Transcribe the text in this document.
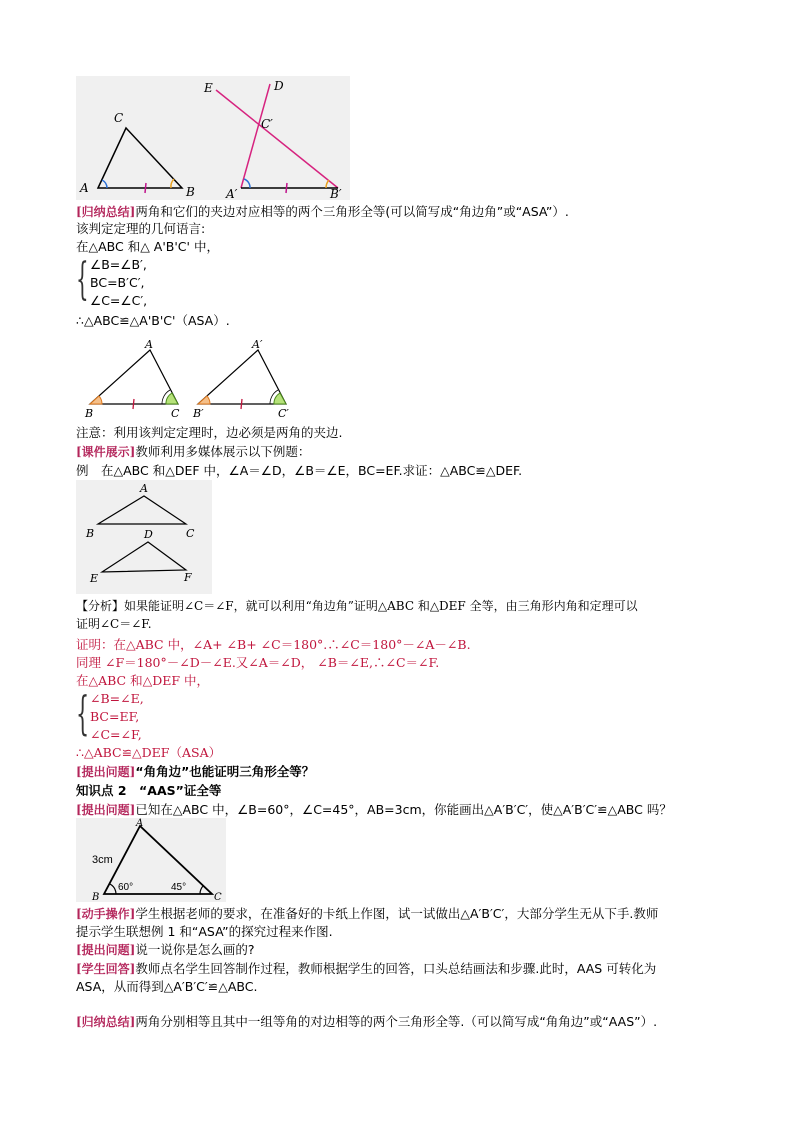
C
A	B
E	D
C′
A′	B′
[归纳总结]两角和它们的夹边对应相等的两个三角形全等(可以简写成“角边角”或“ASA”）.
该判定定理的几何语言:
在△ABC 和△ A'B'C' 中，
{ ∠B=∠B′,
BC=B′C′,
∠C=∠C′,
∴△ABC≌△A'B'C'（ASA）.
A
B	C
A′
B′	C′
注意：利用该判定定理时，边必须是两角的夹边.
[课件展示]教师利用多媒体展示以下例题：
例　在△ABC 和△DEF 中，∠A＝∠D，∠B＝∠E，BC=EF.求证：△ABC≌△DEF.
A
B	C
D
E	F
【分析】如果能证明∠C＝∠F，就可以利用“角边角”证明△ABC 和△DEF 全等，由三角形内角和定理可以
证明∠C＝∠F.
证明：在△ABC 中，∠A+ ∠B+ ∠C＝180°.∴∠C＝180°－∠A－∠B.
同理 ∠F＝180°－∠D－∠E.又∠A＝∠D， ∠B＝∠E,∴∠C＝∠F.
在△ABC 和△DEF 中，
{ ∠B=∠E,
BC=EF,
∠C=∠F,
∴△ABC≌△DEF（ASA）
[提出问题]“角角边”也能证明三角形全等？
知识点 2　“AAS”证全等
[提出问题]已知在△ABC 中，∠B=60°，∠C=45°，AB=3cm，你能画出△A′B′C′，使△A′B′C′≌△ABC 吗？
A
B	C
3cm
60°	45°
[动手操作]学生根据老师的要求，在准备好的卡纸上作图，试一试做出△A′B′C′，大部分学生无从下手.教师
提示学生联想例 1 和“ASA”的探究过程来作图.
[提出问题]说一说你是怎么画的?
[学生回答]教师点名学生回答制作过程，教师根据学生的回答，口头总结画法和步骤.此时，AAS 可转化为
ASA，从而得到△A′B′C′≌△ABC.
[归纳总结]两角分别相等且其中一组等角的对边相等的两个三角形全等.（可以简写成“角角边”或“AAS”）.
